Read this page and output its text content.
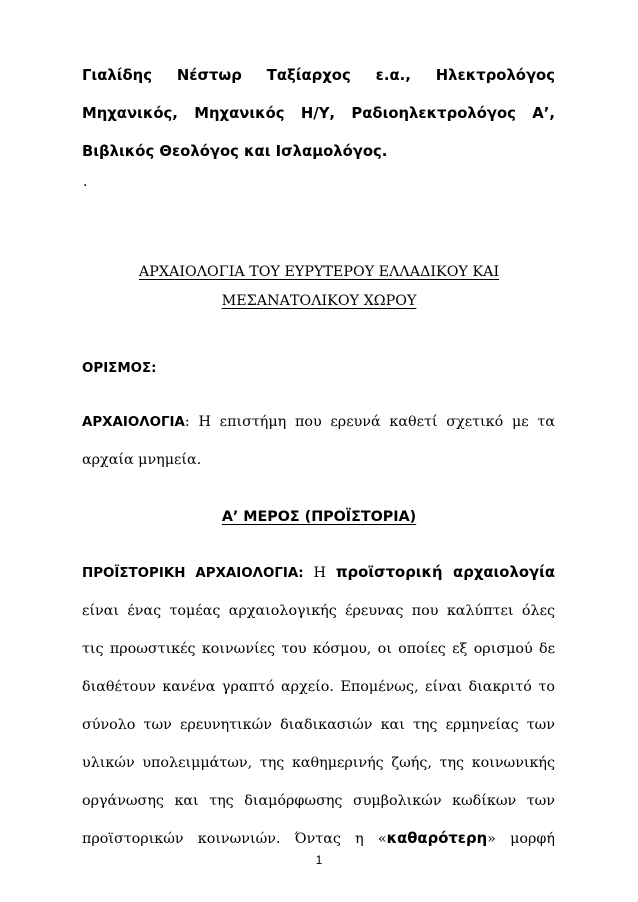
Γιαλίδης Νέστωρ Ταξίαρχος ε.α., Ηλεκτρολόγος
Μηχανικός, Μηχανικός Η/Υ, Ραδιοηλεκτρολόγος Α’,
Βιβλικός Θεολόγος και Ισλαμολόγος.
.
ΑΡΧΑΙΟΛΟΓΙΑ ΤΟΥ ΕΥΡΥΤΕΡΟΥ ΕΛΛΑΔΙΚΟΥ ΚΑΙ
ΜΕΣΑΝΑΤΟΛΙΚΟΥ ΧΩΡΟΥ
ΟΡΙΣΜΟΣ:
ΑΡΧΑΙΟΛΟΓΙΑ: Η επιστήμη που ερευνά καθετί σχετικό με τα
αρχαία μνημεία.
Α’ ΜΕΡΟΣ (ΠΡΟΪΣΤΟΡΙΑ)
ΠΡΟΪΣΤΟΡΙΚΗ ΑΡΧΑΙΟΛΟΓΙΑ: Η προϊστορική αρχαιολογία
είναι ένας τομέας αρχαιολογικής έρευνας που καλύπτει όλες
τις προωστικές κοινωνίες του κόσμου, οι οποίες εξ ορισμού δε
διαθέτουν κανένα γραπτό αρχείο. Επομένως, είναι διακριτό το
σύνολο των ερευνητικών διαδικασιών και της ερμηνείας των
υλικών υπολειμμάτων, της καθημερινής ζωής, της κοινωνικής
οργάνωσης και της διαμόρφωσης συμβολικών κωδίκων των
προϊστορικών κοινωνιών. Όντας η «καθαρότερη» μορφή
1
